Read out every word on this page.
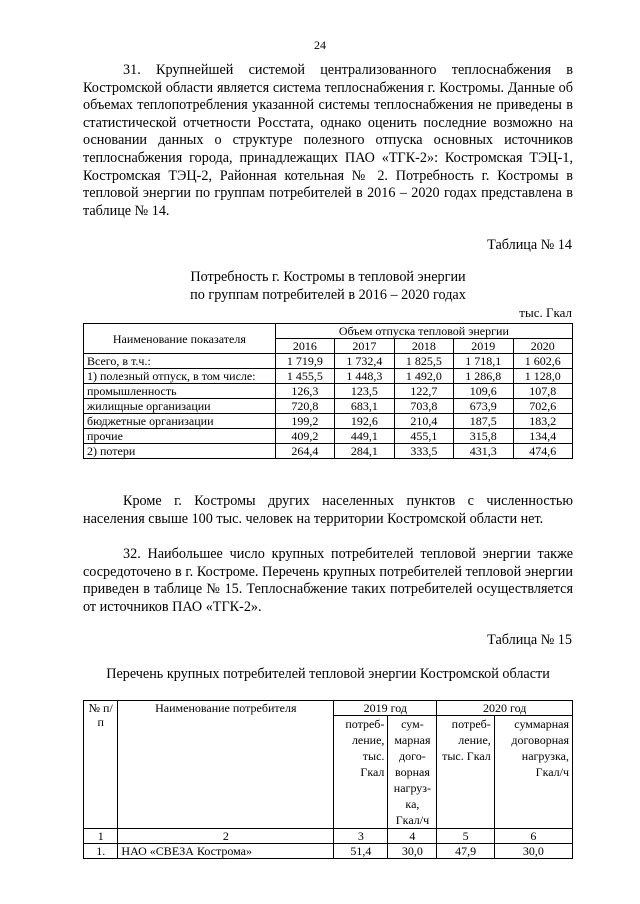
24

31. Крупнейшей системой централизованного теплоснабжения в Костромской области является система теплоснабжения г. Костромы. Данные об объемах теплопотребления указанной системы теплоснабжения не приведены в статистической отчетности Росстата, однако оценить последние возможно на основании данных о структуре полезного отпуска основных источников теплоснабжения города, принадлежащих ПАО «ТГК-2»: Костромская ТЭЦ-1, Костромская ТЭЦ-2, Районная котельная № 2. Потребность г. Костромы в тепловой энергии по группам потребителей в 2016 – 2020 годах представлена в таблице № 14.

Таблица № 14
Потребность г. Костромы в тепловой энергии
по группам потребителей в 2016 – 2020 годах
тыс. Гкал
Наименование показателя	Объем отпуска тепловой энергии				
	2016	2017	2018	2019	2020
Всего, в т.ч.:	1 719,9	1 732,4	1 825,5	1 718,1	1 602,6
1) полезный отпуск, в том числе:	1 455,5	1 448,3	1 492,0	1 286,8	1 128,0
промышленность	126,3	123,5	122,7	109,6	107,8
жилищные организации	720,8	683,1	703,8	673,9	702,6
бюджетные организации	199,2	192,6	210,4	187,5	183,2
прочие	409,2	449,1	455,1	315,8	134,4
2) потери	264,4	284,1	333,5	431,3	474,6

Кроме г. Костромы других населенных пунктов с численностью населения свыше 100 тыс. человек на территории Костромской области нет.

32. Наибольшее число крупных потребителей тепловой энергии также сосредоточено в г. Костроме. Перечень крупных потребителей тепловой энергии приведен в таблице № 15. Теплоснабжение таких потребителей осуществляется от источников ПАО «ТГК-2».

Таблица № 15
Перечень крупных потребителей тепловой энергии Костромской области
№ п/п	Наименование потребителя	2019 год		2020 год	
		потреб-ление, тыс. Гкал	сум-марная дого-ворная нагруз-ка, Гкал/ч	потреб-ление, тыс. Гкал	суммарная договорная нагрузка, Гкал/ч
1	2	3	4	5	6
1.	НАО «СВЕЗА Кострома»	51,4	30,0	47,9	30,0
